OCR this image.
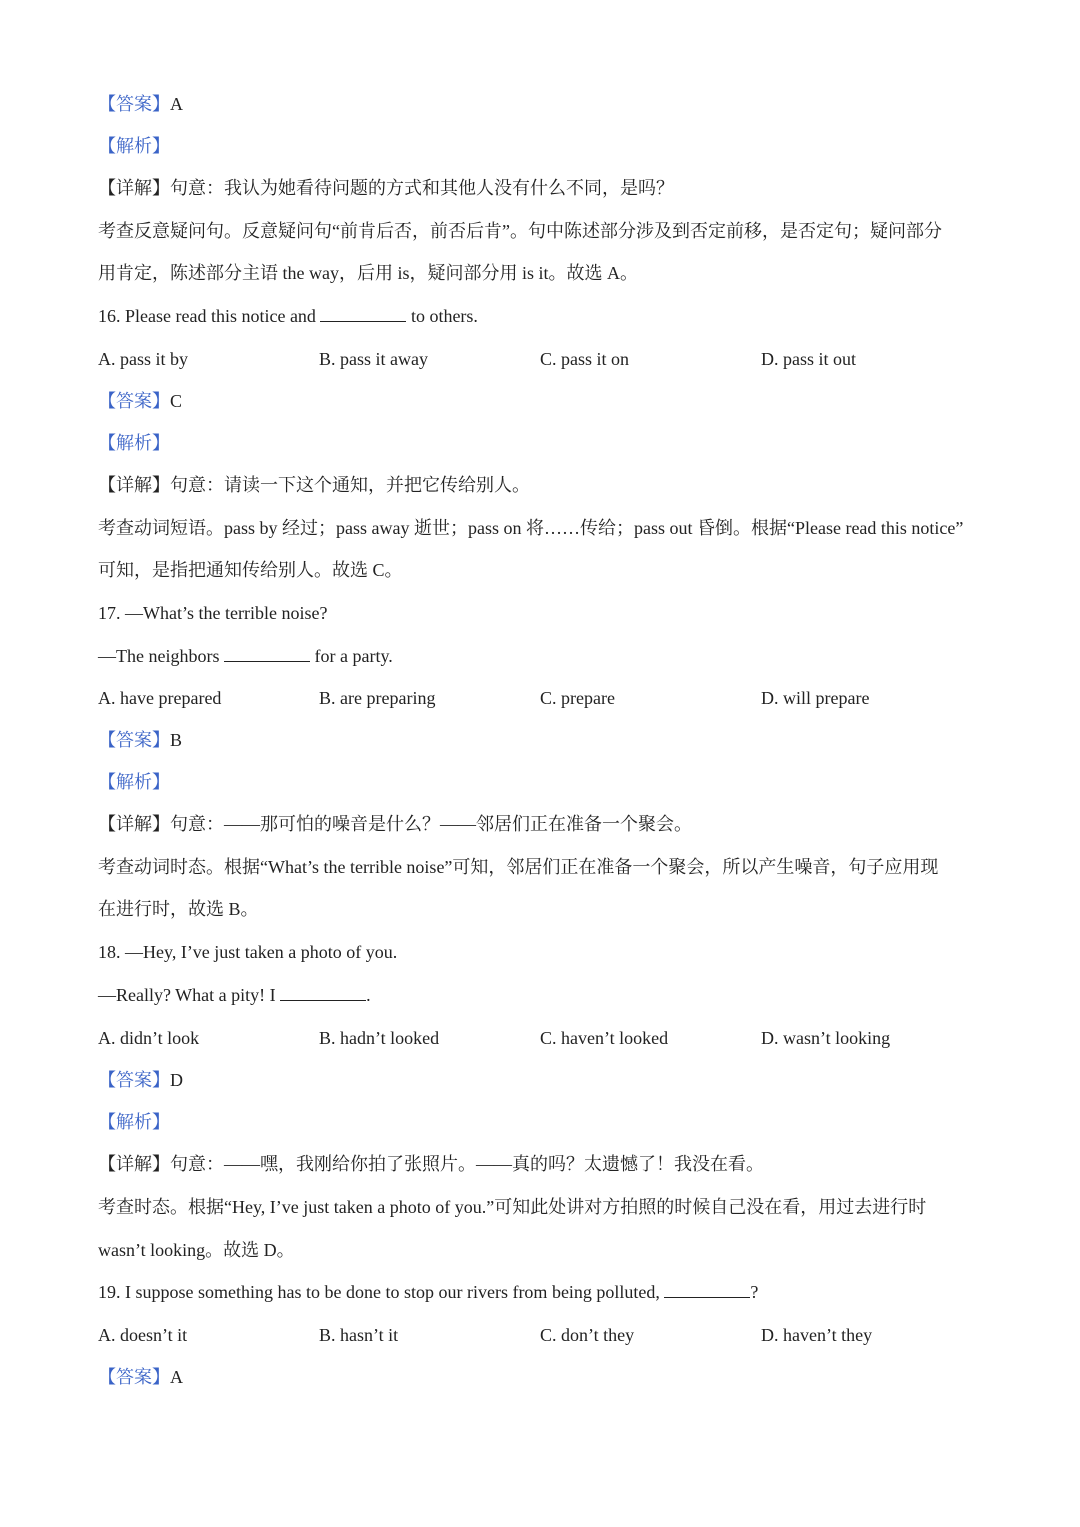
【答案】A
【解析】
【详解】句意：我认为她看待问题的方式和其他人没有什么不同，是吗？
考查反意疑问句。反意疑问句“前肯后否，前否后肯”。句中陈述部分涉及到否定前移，是否定句；疑问部分
用肯定，陈述部分主语 the way，后用 is，疑问部分用 is it。故选 A。
16. Please read this notice and	to others.
A. pass it by	B. pass it away	C. pass it on	D. pass it out
【答案】C
【解析】
【详解】句意：请读一下这个通知，并把它传给别人。
考查动词短语。pass by 经过；pass away 逝世；pass on 将……传给；pass out 昏倒。根据“Please read this notice”
可知，是指把通知传给别人。故选 C。
17. —What’s the terrible noise?
—The neighbors	for a party.
A. have prepared	B. are preparing	C. prepare	D. will prepare
【答案】B
【解析】
【详解】句意：——那可怕的噪音是什么？——邻居们正在准备一个聚会。
考查动词时态。根据“What’s the terrible noise”可知，邻居们正在准备一个聚会，所以产生噪音，句子应用现
在进行时，故选 B。
18. —Hey, I’ve just taken a photo of you.
—Really? What a pity! I	.
A. didn’t look	B. hadn’t looked	C. haven’t looked	D. wasn’t looking
【答案】D
【解析】
【详解】句意：——嘿，我刚给你拍了张照片。——真的吗？太遗憾了！我没在看。
考查时态。根据“Hey, I’ve just taken a photo of you.”可知此处讲对方拍照的时候自己没在看，用过去进行时
wasn’t looking。故选 D。
19. I suppose something has to be done to stop our rivers from being polluted,	?
A. doesn’t it	B. hasn’t it	C. don’t they	D. haven’t they
【答案】A
